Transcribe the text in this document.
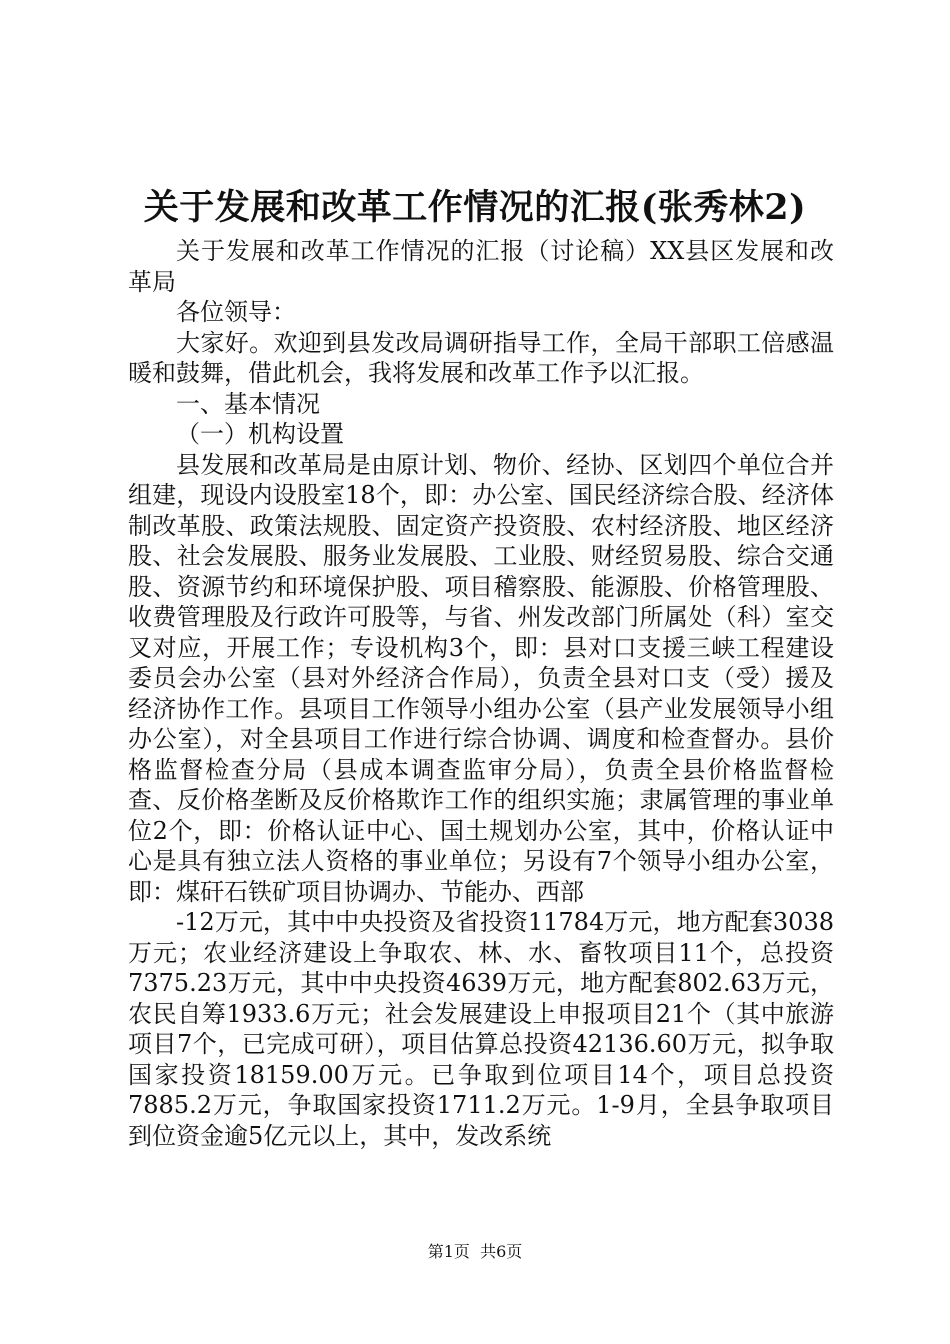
关于发展和改革工作情况的汇报(张秀林2)

关于发展和改革工作情况的汇报（讨论稿）XX县区发展和改革局

各位领导：

大家好。欢迎到县发改局调研指导工作，全局干部职工倍感温暖和鼓舞，借此机会，我将发展和改革工作予以汇报。

一、基本情况

（一）机构设置

县发展和改革局是由原计划、物价、经协、区划四个单位合并组建，现设内设股室18个，即：办公室、国民经济综合股、经济体制改革股、政策法规股、固定资产投资股、农村经济股、地区经济股、社会发展股、服务业发展股、工业股、财经贸易股、综合交通股、资源节约和环境保护股、项目稽察股、能源股、价格管理股、收费管理股及行政许可股等，与省、州发改部门所属处（科）室交叉对应，开展工作；专设机构3个，即：县对口支援三峡工程建设委员会办公室（县对外经济合作局），负责全县对口支（受）援及经济协作工作。县项目工作领导小组办公室（县产业发展领导小组办公室），对全县项目工作进行综合协调、调度和检查督办。县价格监督检查分局（县成本调查监审分局），负责全县价格监督检查、反价格垄断及反价格欺诈工作的组织实施；隶属管理的事业单位2个，即：价格认证中心、国土规划办公室，其中，价格认证中心是具有独立法人资格的事业单位；另设有7个领导小组办公室，即：煤矸石铁矿项目协调办、节能办、西部

-12万元，其中中央投资及省投资11784万元，地方配套3038万元；农业经济建设上争取农、林、水、畜牧项目11个，总投资7375.23万元，其中中央投资4639万元，地方配套802.63万元，农民自筹1933.6万元；社会发展建设上申报项目21个（其中旅游项目7个，已完成可研），项目估算总投资42136.60万元，拟争取国家投资18159.00万元。已争取到位项目14个，项目总投资7885.2万元，争取国家投资1711.2万元。1-9月，全县争取项目到位资金逾5亿元以上，其中，发改系统

第1页  共6页
